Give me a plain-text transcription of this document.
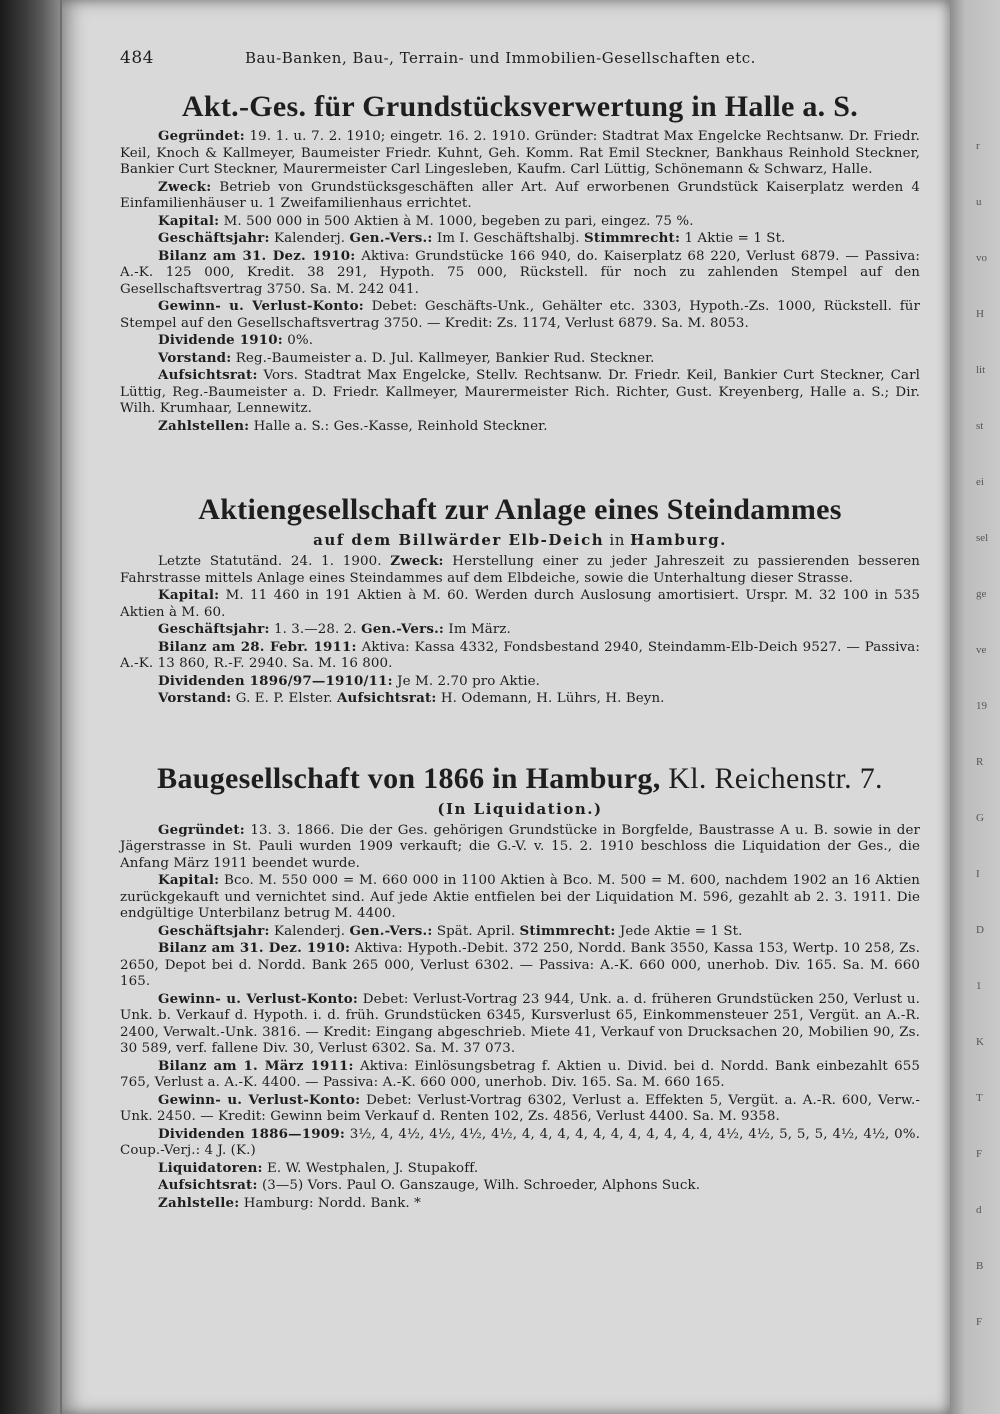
r
u
vo
H
lit
st
ei
sel
ge
ve
19
R
G
I
D
1
K
T
F
d
B
F
484	Bau-Banken, Bau-, Terrain- und Immobilien-Gesellschaften etc.
Akt.-Ges. für Grundstücksverwertung in Halle a. S.

Gegründet: 19. 1. u. 7. 2. 1910; eingetr. 16. 2. 1910. Gründer: Stadtrat Max Engelcke Rechtsanw. Dr. Friedr. Keil, Knoch & Kallmeyer, Baumeister Friedr. Kuhnt, Geh. Komm. Rat Emil Steckner, Bankhaus Reinhold Steckner, Bankier Curt Steckner, Maurermeister Carl Lingesleben, Kaufm. Carl Lüttig, Schönemann & Schwarz, Halle.

Zweck: Betrieb von Grundstücksgeschäften aller Art. Auf erworbenen Grundstück Kaiserplatz werden 4 Einfamilienhäuser u. 1 Zweifamilienhaus errichtet.

Kapital: M. 500 000 in 500 Aktien à M. 1000, begeben zu pari, eingez. 75 %.

Geschäftsjahr: Kalenderj. Gen.-Vers.: Im I. Geschäftshalbj. Stimmrecht: 1 Aktie = 1 St.

Bilanz am 31. Dez. 1910: Aktiva: Grundstücke 166 940, do. Kaiserplatz 68 220, Verlust 6879. — Passiva: A.-K. 125 000, Kredit. 38 291, Hypoth. 75 000, Rückstell. für noch zu zahlenden Stempel auf den Gesellschaftsvertrag 3750. Sa. M. 242 041.

Gewinn- u. Verlust-Konto: Debet: Geschäfts-Unk., Gehälter etc. 3303, Hypoth.-Zs. 1000, Rückstell. für Stempel auf den Gesellschaftsvertrag 3750. — Kredit: Zs. 1174, Verlust 6879. Sa. M. 8053.

Dividende 1910: 0%.

Vorstand: Reg.-Baumeister a. D. Jul. Kallmeyer, Bankier Rud. Steckner.

Aufsichtsrat: Vors. Stadtrat Max Engelcke, Stellv. Rechtsanw. Dr. Friedr. Keil, Bankier Curt Steckner, Carl Lüttig, Reg.-Baumeister a. D. Friedr. Kallmeyer, Maurermeister Rich. Richter, Gust. Kreyenberg, Halle a. S.; Dir. Wilh. Krumhaar, Lennewitz.

Zahlstellen: Halle a. S.: Ges.-Kasse, Reinhold Steckner.

Aktiengesellschaft zur Anlage eines Steindammes
auf dem Billwärder Elb-Deich in Hamburg.

Letzte Statutänd. 24. 1. 1900. Zweck: Herstellung einer zu jeder Jahreszeit zu passierenden besseren Fahrstrasse mittels Anlage eines Steindammes auf dem Elbdeiche, sowie die Unterhaltung dieser Strasse.

Kapital: M. 11 460 in 191 Aktien à M. 60. Werden durch Auslosung amortisiert. Urspr. M. 32 100 in 535 Aktien à M. 60.

Geschäftsjahr: 1. 3.—28. 2. Gen.-Vers.: Im März.

Bilanz am 28. Febr. 1911: Aktiva: Kassa 4332, Fondsbestand 2940, Steindamm-Elb-Deich 9527. — Passiva: A.-K. 13 860, R.-F. 2940. Sa. M. 16 800.

Dividenden 1896/97—1910/11: Je M. 2.70 pro Aktie.

Vorstand: G. E. P. Elster. Aufsichtsrat: H. Odemann, H. Lührs, H. Beyn.

Baugesellschaft von 1866 in Hamburg, Kl. Reichenstr. 7.
(In Liquidation.)

Gegründet: 13. 3. 1866. Die der Ges. gehörigen Grundstücke in Borgfelde, Baustrasse A u. B. sowie in der Jägerstrasse in St. Pauli wurden 1909 verkauft; die G.-V. v. 15. 2. 1910 beschloss die Liquidation der Ges., die Anfang März 1911 beendet wurde.

Kapital: Bco. M. 550 000 = M. 660 000 in 1100 Aktien à Bco. M. 500 = M. 600, nachdem 1902 an 16 Aktien zurückgekauft und vernichtet sind. Auf jede Aktie entfielen bei der Liquidation M. 596, gezahlt ab 2. 3. 1911. Die endgültige Unterbilanz betrug M. 4400.

Geschäftsjahr: Kalenderj. Gen.-Vers.: Spät. April. Stimmrecht: Jede Aktie = 1 St.

Bilanz am 31. Dez. 1910: Aktiva: Hypoth.-Debit. 372 250, Nordd. Bank 3550, Kassa 153, Wertp. 10 258, Zs. 2650, Depot bei d. Nordd. Bank 265 000, Verlust 6302. — Passiva: A.-K. 660 000, unerhob. Div. 165. Sa. M. 660 165.

Gewinn- u. Verlust-Konto: Debet: Verlust-Vortrag 23 944, Unk. a. d. früheren Grundstücken 250, Verlust u. Unk. b. Verkauf d. Hypoth. i. d. früh. Grundstücken 6345, Kursverlust 65, Einkommensteuer 251, Vergüt. an A.-R. 2400, Verwalt.-Unk. 3816. — Kredit: Eingang abgeschrieb. Miete 41, Verkauf von Drucksachen 20, Mobilien 90, Zs. 30 589, verf. fallene Div. 30, Verlust 6302. Sa. M. 37 073.

Bilanz am 1. März 1911: Aktiva: Einlösungsbetrag f. Aktien u. Divid. bei d. Nordd. Bank einbezahlt 655 765, Verlust a. A.-K. 4400. — Passiva: A.-K. 660 000, unerhob. Div. 165. Sa. M. 660 165.

Gewinn- u. Verlust-Konto: Debet: Verlust-Vortrag 6302, Verlust a. Effekten 5, Vergüt. a. A.-R. 600, Verw.-Unk. 2450. — Kredit: Gewinn beim Verkauf d. Renten 102, Zs. 4856, Verlust 4400. Sa. M. 9358.

Dividenden 1886—1909: 3½, 4, 4½, 4½, 4½, 4½, 4, 4, 4, 4, 4, 4, 4, 4, 4, 4, 4, 4½, 4½, 5, 5, 5, 4½, 4½, 0%. Coup.-Verj.: 4 J. (K.)

Liquidatoren: E. W. Westphalen, J. Stupakoff.

Aufsichtsrat: (3—5) Vors. Paul O. Ganszauge, Wilh. Schroeder, Alphons Suck.

Zahlstelle: Hamburg: Nordd. Bank. *
